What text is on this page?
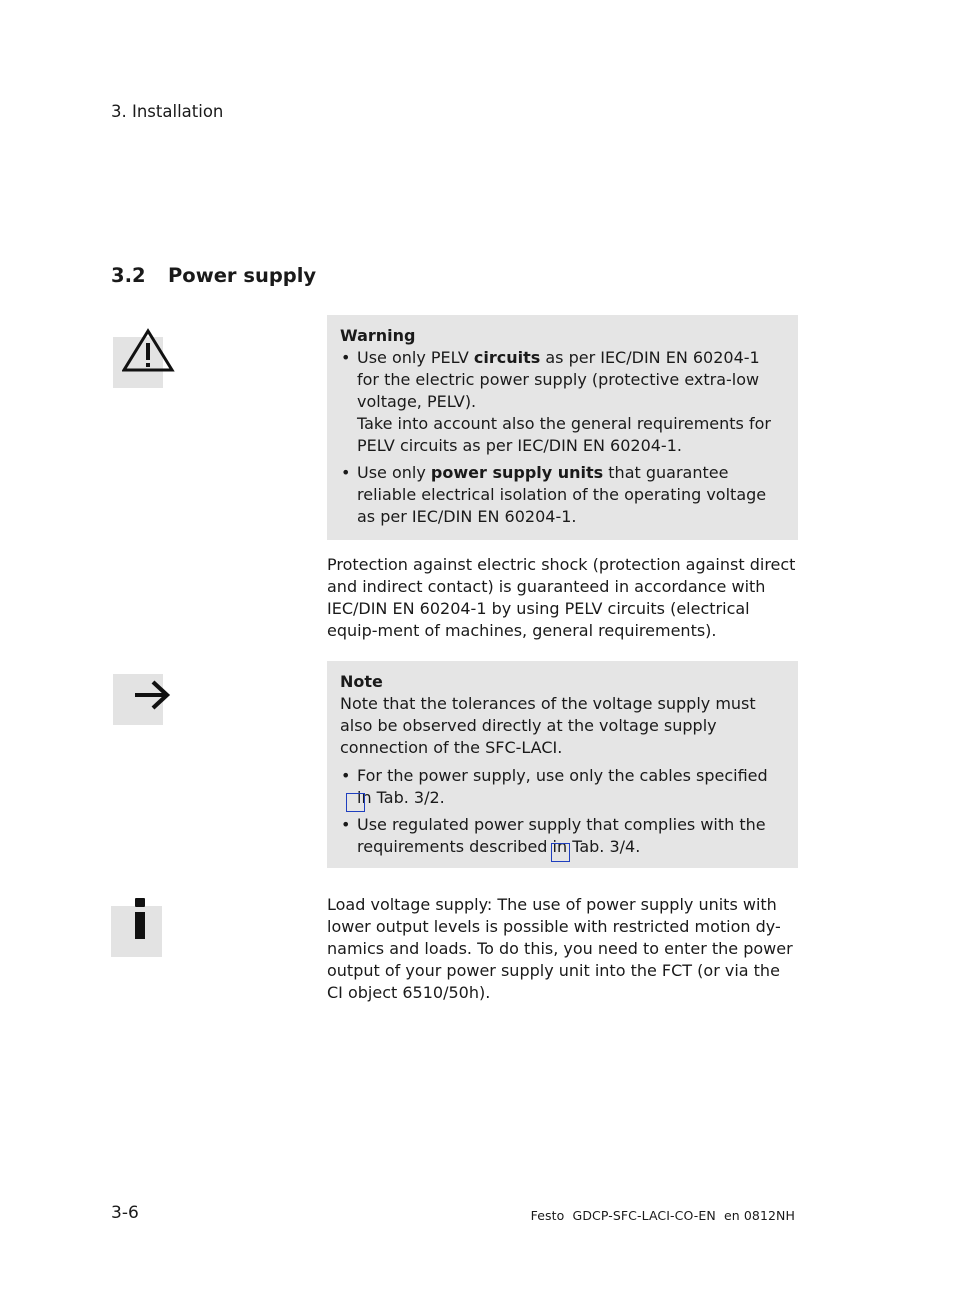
3. Installation
3.2 Power supply
Warning
• Use only PELV circuits as per IEC/DIN EN 60204-1 for the electric power supply (protective extra-low voltage, PELV).
Take into account also the general requirements for PELV circuits as per IEC/DIN EN 60204-1.
• Use only power supply units that guarantee reliable electrical isolation of the operating voltage as per IEC/DIN EN 60204-1.
Protection against electric shock (protection against direct and indirect contact) is guaranteed in accordance with IEC/DIN EN 60204-1 by using PELV circuits (electrical equip-ment of machines, general requirements).
Note
Note that the tolerances of the voltage supply must also be observed directly at the voltage supply connection of the SFC-LACI.
• For the power supply, use only the cables specified in Tab. 3/2.
• Use regulated power supply that complies with the requirements described in Tab. 3/4.
Load voltage supply: The use of power supply units with lower output levels is possible with restricted motion dy-namics and loads. To do this, you need to enter the power output of your power supply unit into the FCT (or via the CI object 6510/50h).
3-6	Festo  GDCP-SFC-LACI-CO-EN  en 0812NH
